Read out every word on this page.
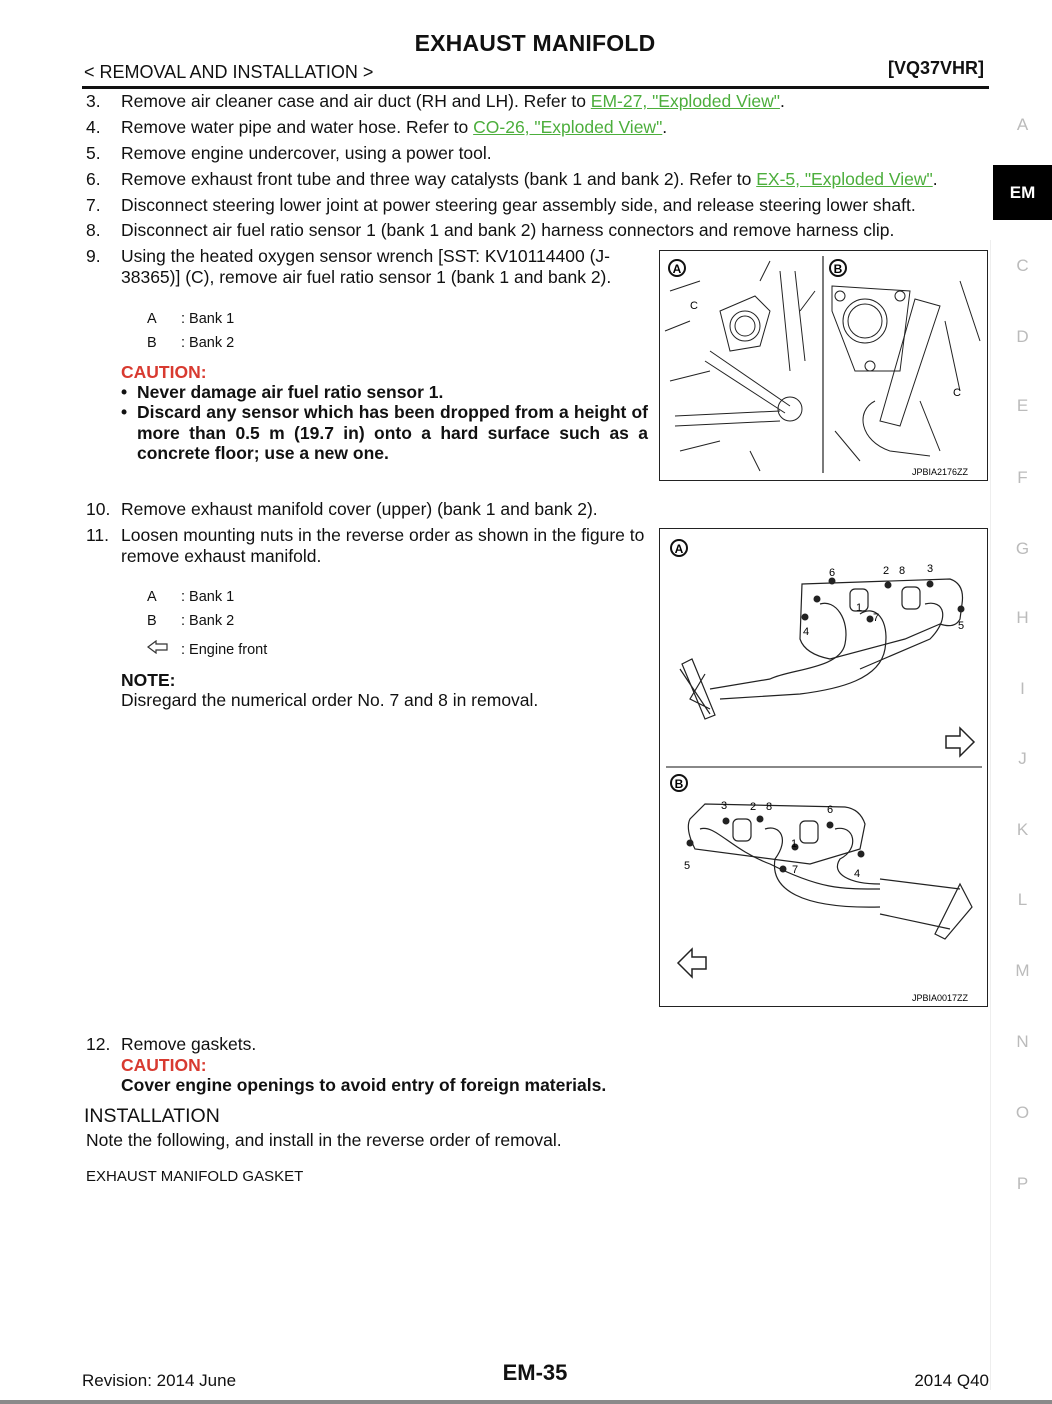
EXHAUST MANIFOLD
< REMOVAL AND INSTALLATION >	[VQ37VHR]
3. Remove air cleaner case and air duct (RH and LH). Refer to EM-27, "Exploded View".
4. Remove water pipe and water hose. Refer to CO-26, "Exploded View".
5. Remove engine undercover, using a power tool.
6. Remove exhaust front tube and three way catalysts (bank 1 and bank 2). Refer to EX-5, "Exploded View".
7. Disconnect steering lower joint at power steering gear assembly side, and release steering lower shaft.
8. Disconnect air fuel ratio sensor 1 (bank 1 and bank 2) harness connectors and remove harness clip.
9. Using the heated oxygen sensor wrench [SST: KV10114400 (J-38365)] (C), remove air fuel ratio sensor 1 (bank 1 and bank 2).
A : Bank 1
B : Bank 2
CAUTION:
• Never damage air fuel ratio sensor 1.
• Discard any sensor which has been dropped from a height of more than 0.5 m (19.7 in) onto a hard surface such as a concrete floor; use a new one.
A
C
B
C
JPBIA2176ZZ
10. Remove exhaust manifold cover (upper) (bank 1 and bank 2).
11. Loosen mounting nuts in the reverse order as shown in the figure to remove exhaust manifold.
A : Bank 1
B : Bank 2
: Engine front
NOTE:
Disregard the numerical order No. 7 and 8 in removal.
A
6	2 8 3
1
7
4	5
B
3 2 8	6
1
5	7	4
JPBIA0017ZZ
12. Remove gaskets.
CAUTION:
Cover engine openings to avoid entry of foreign materials.
INSTALLATION
Note the following, and install in the reverse order of removal.
EXHAUST MANIFOLD GASKET
A
EM
C
D
E
F
G
H
I
J
K
L
M
N
O
P
Revision: 2014 June	EM-35	2014 Q40
